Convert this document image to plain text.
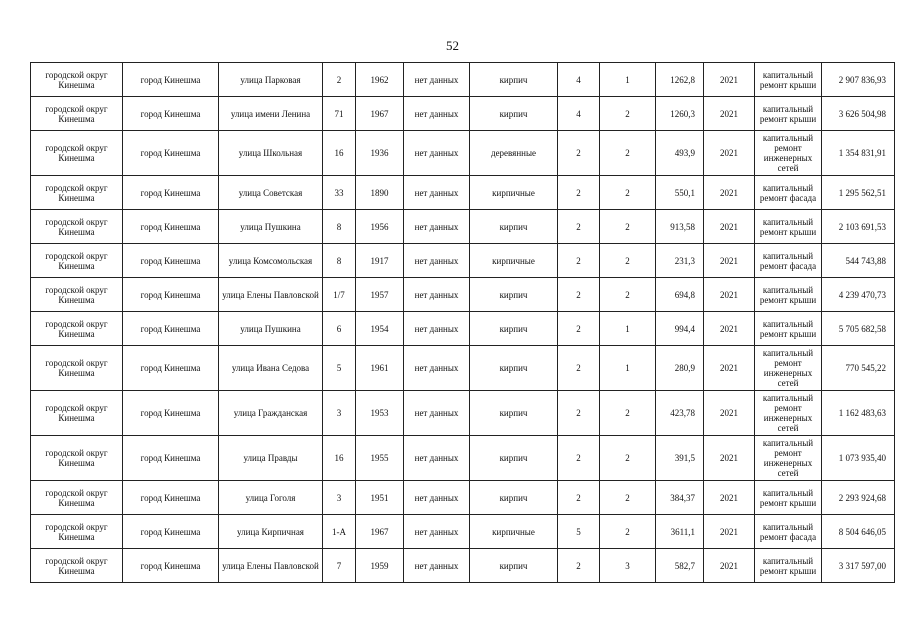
52
городской округ Кинешма	город Кинешма	улица Парковая	2	1962	нет данных	кирпич	4	1	1262,8	2021	капитальный ремонт крыши	2 907 836,93
городской округ Кинешма	город Кинешма	улица имени Ленина	71	1967	нет данных	кирпич	4	2	1260,3	2021	капитальный ремонт крыши	3 626 504,98
городской округ Кинешма	город Кинешма	улица Школьная	16	1936	нет данных	деревянные	2	2	493,9	2021	капитальный ремонт инженерных сетей	1 354 831,91
городской округ Кинешма	город Кинешма	улица Советская	33	1890	нет данных	кирпичные	2	2	550,1	2021	капитальный ремонт фасада	1 295 562,51
городской округ Кинешма	город Кинешма	улица Пушкина	8	1956	нет данных	кирпич	2	2	913,58	2021	капитальный ремонт крыши	2 103 691,53
городской округ Кинешма	город Кинешма	улица Комсомольская	8	1917	нет данных	кирпичные	2	2	231,3	2021	капитальный ремонт фасада	544 743,88
городской округ Кинешма	город Кинешма	улица Елены Павловской	1/7	1957	нет данных	кирпич	2	2	694,8	2021	капитальный ремонт крыши	4 239 470,73
городской округ Кинешма	город Кинешма	улица Пушкина	6	1954	нет данных	кирпич	2	1	994,4	2021	капитальный ремонт крыши	5 705 682,58
городской округ Кинешма	город Кинешма	улица Ивана Седова	5	1961	нет данных	кирпич	2	1	280,9	2021	капитальный ремонт инженерных сетей	770 545,22
городской округ Кинешма	город Кинешма	улица Гражданская	3	1953	нет данных	кирпич	2	2	423,78	2021	капитальный ремонт инженерных сетей	1 162 483,63
городской округ Кинешма	город Кинешма	улица Правды	16	1955	нет данных	кирпич	2	2	391,5	2021	капитальный ремонт инженерных сетей	1 073 935,40
городской округ Кинешма	город Кинешма	улица Гоголя	3	1951	нет данных	кирпич	2	2	384,37	2021	капитальный ремонт крыши	2 293 924,68
городской округ Кинешма	город Кинешма	улица Кирпичная	1-А	1967	нет данных	кирпичные	5	2	3611,1	2021	капитальный ремонт фасада	8 504 646,05
городской округ Кинешма	город Кинешма	улица Елены Павловской	7	1959	нет данных	кирпич	2	3	582,7	2021	капитальный ремонт крыши	3 317 597,00
